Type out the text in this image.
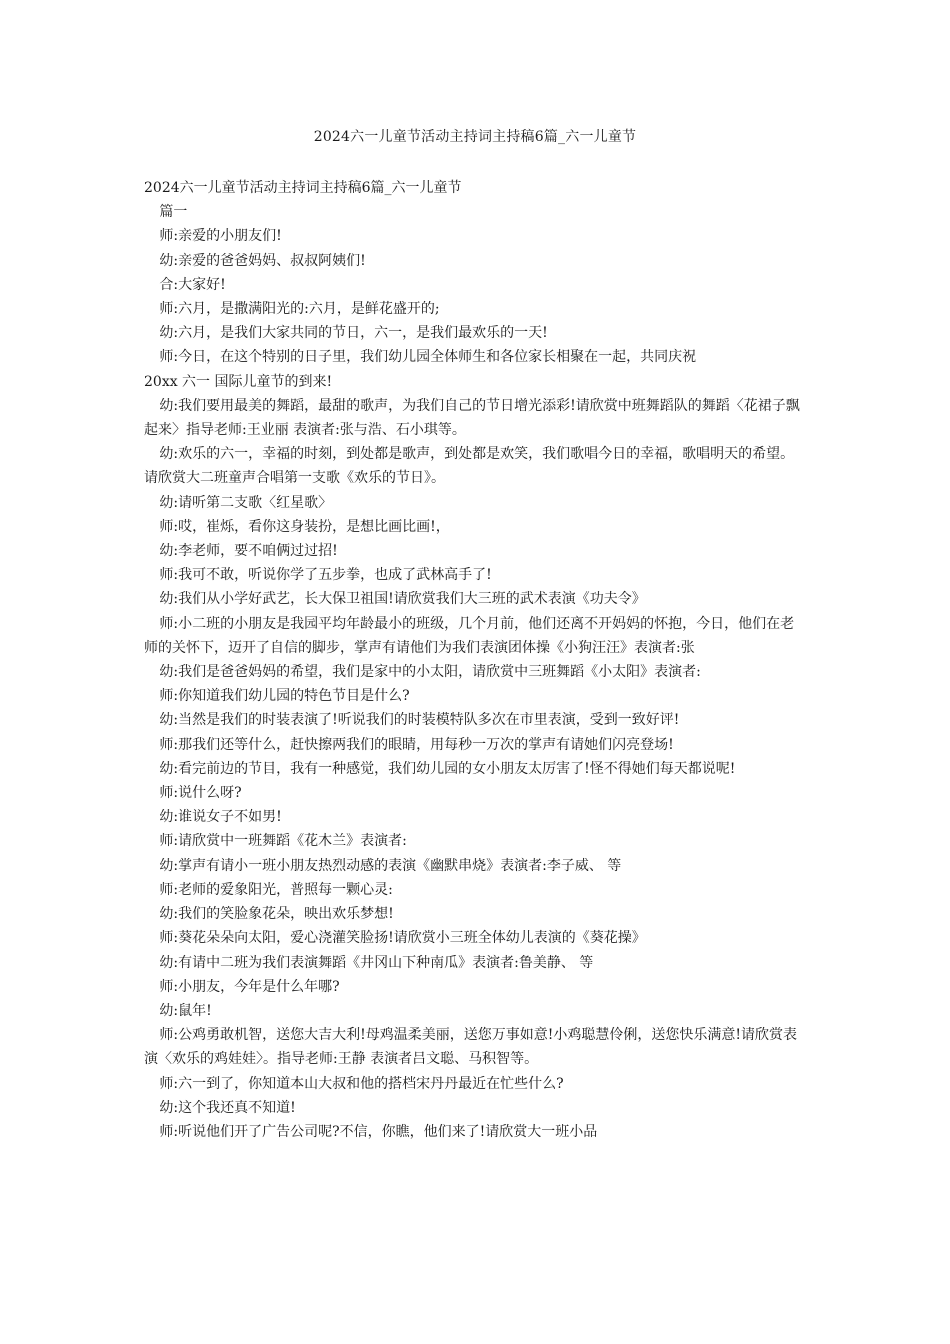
2024六一儿童节活动主持词主持稿6篇_六一儿童节

2024六一儿童节活动主持词主持稿6篇_六一儿童节

篇一

师:亲爱的小朋友们!

幼:亲爱的爸爸妈妈、叔叔阿姨们!

合:大家好!

师:六月，是撒满阳光的:六月，是鲜花盛开的;

幼:六月，是我们大家共同的节日，六一，是我们最欢乐的一天!

师:今日，在这个特别的日子里，我们幼儿园全体师生和各位家长相聚在一起，共同庆祝

20xx 六一 国际儿童节的到来!

幼:我们要用最美的舞蹈，最甜的歌声，为我们自己的节日增光添彩!请欣赏中班舞蹈队的舞蹈〈花裙子飘起来〉指导老师:王业丽 表演者:张与浩、石小琪等。

幼:欢乐的六一，幸福的时刻，到处都是歌声，到处都是欢笑，我们歌唱今日的幸福，歌唱明天的希望。请欣赏大二班童声合唱第一支歌《欢乐的节日》。

幼:请听第二支歌〈红星歌〉

师:哎，崔烁，看你这身装扮，是想比画比画!，

幼:李老师，要不咱俩过过招!

师:我可不敢，听说你学了五步拳，也成了武林高手了!

幼:我们从小学好武艺，长大保卫祖国!请欣赏我们大三班的武术表演《功夫令》

师:小二班的小朋友是我园平均年龄最小的班级，几个月前，他们还离不开妈妈的怀抱，今日，他们在老师的关怀下，迈开了自信的脚步，掌声有请他们为我们表演团体操《小狗汪汪》表演者:张

幼:我们是爸爸妈妈的希望，我们是家中的小太阳，请欣赏中三班舞蹈《小太阳》表演者:

师:你知道我们幼儿园的特色节目是什么?

幼:当然是我们的时装表演了!听说我们的时装模特队多次在市里表演，受到一致好评!

师:那我们还等什么，赶快擦两我们的眼睛，用每秒一万次的掌声有请她们闪亮登场!

幼:看完前边的节目，我有一种感觉，我们幼儿园的女小朋友太厉害了!怪不得她们每天都说呢!

师:说什么呀?

幼:谁说女子不如男!

师:请欣赏中一班舞蹈《花木兰》表演者:

幼:掌声有请小一班小朋友热烈动感的表演《幽默串烧》表演者:李子威、 等

师:老师的爱象阳光，普照每一颗心灵:

幼:我们的笑脸象花朵，映出欢乐梦想!

师:葵花朵朵向太阳，爱心浇灌笑脸扬!请欣赏小三班全体幼儿表演的《葵花操》

幼:有请中二班为我们表演舞蹈《井冈山下种南瓜》表演者:鲁美静、 等

师:小朋友，今年是什么年哪?

幼:鼠年!

师:公鸡勇敢机智，送您大吉大利!母鸡温柔美丽，送您万事如意!小鸡聪慧伶俐，送您快乐满意!请欣赏表演〈欢乐的鸡娃娃〉。指导老师:王静 表演者吕文聪、马积智等。

师:六一到了，你知道本山大叔和他的搭档宋丹丹最近在忙些什么?

幼:这个我还真不知道!

师:听说他们开了广告公司呢?不信，你瞧，他们来了!请欣赏大一班小品
